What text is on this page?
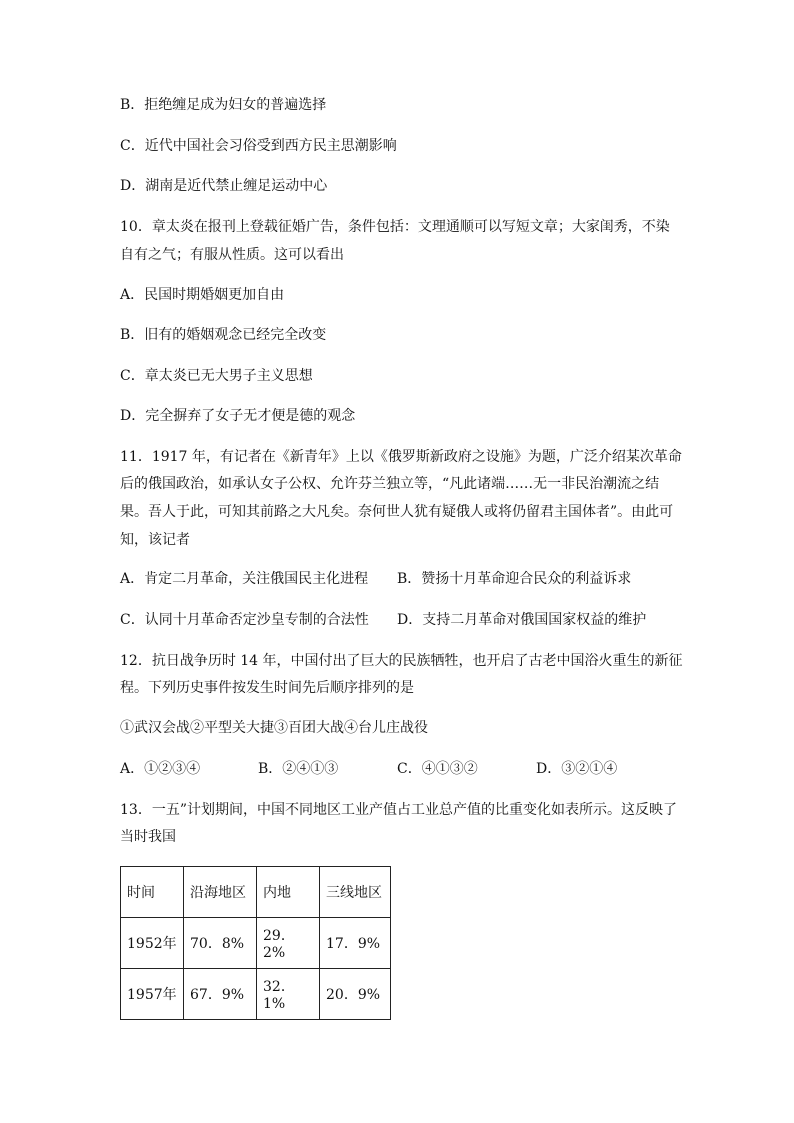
B．拒绝缠足成为妇女的普遍选择
C．近代中国社会习俗受到西方民主思潮影响
D．湖南是近代禁止缠足运动中心
10．章太炎在报刊上登载征婚广告，条件包括：文理通顺可以写短文章；大家闺秀，不染
自有之气；有服从性质。这可以看出
A．民国时期婚姻更加自由
B．旧有的婚姻观念已经完全改变
C．章太炎已无大男子主义思想
D．完全摒弃了女子无才便是德的观念
11．1917 年，有记者在《新青年》上以《俄罗斯新政府之设施》为题，广泛介绍某次革命
后的俄国政治，如承认女子公权、允许芬兰独立等，“凡此诸端……无一非民治潮流之结
果。吾人于此，可知其前路之大凡矣。奈何世人犹有疑俄人或将仍留君主国体者”。由此可
知，该记者
A．肯定二月革命，关注俄国民主化进程 B．赞扬十月革命迎合民众的利益诉求
C．认同十月革命否定沙皇专制的合法性 D．支持二月革命对俄国国家权益的维护
12．抗日战争历时 14 年，中国付出了巨大的民族牺牲，也开启了古老中国浴火重生的新征
程。下列历史事件按发生时间先后顺序排列的是
①武汉会战②平型关大捷③百团大战④台儿庄战役
A．①②③④	B．②④①③	C．④①③②	D．③②①④
13．一五”计划期间，中国不同地区工业产值占工业总产值的比重变化如表所示。这反映了
当时我国
时间	沿海地区	内地	三线地区
1952年	70．8%	29．2%	17．9%
1957年	67．9%	32．1%	20．9%
